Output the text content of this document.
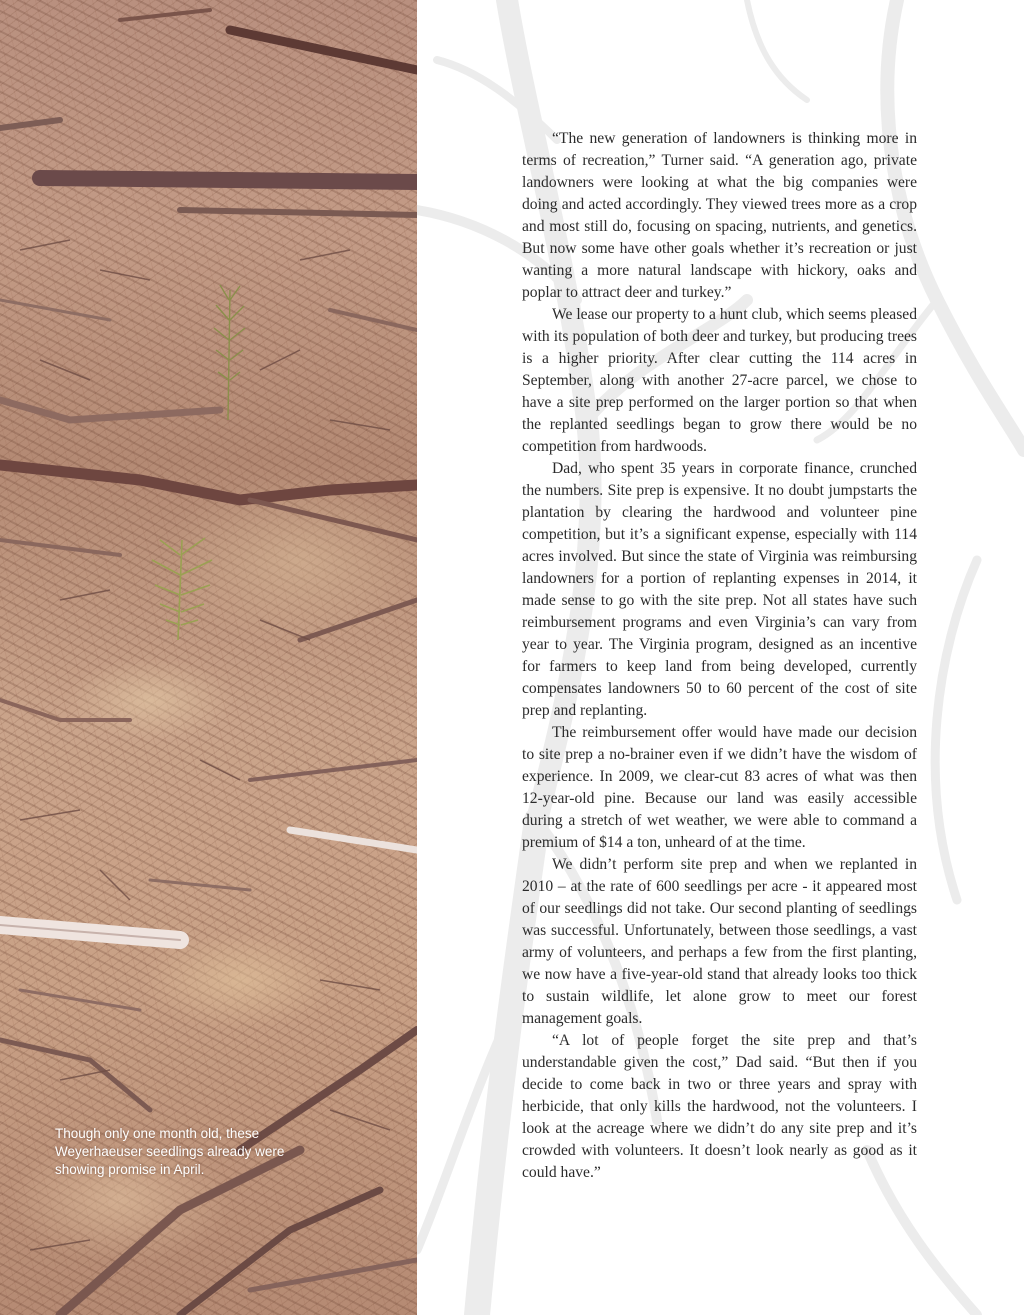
Though only one month old, these

Weyerhaeuser seedlings already were

showing promise in April.

“The new generation of landowners is thinking more in terms of recreation,” Turner said. “A generation ago, private landowners were looking at what the big companies were doing and acted accordingly. They viewed trees more as a crop and most still do, focusing on spacing, nutrients, and genetics. But now some have other goals whether it’s recreation or just wanting a more natural landscape with hickory, oaks and poplar to attract deer and turkey.”

We lease our property to a hunt club, which seems pleased with its population of both deer and turkey, but producing trees is a higher priority. After clear cutting the 114 acres in September, along with another 27-acre parcel, we chose to have a site prep performed on the larger portion so that when the replanted seedlings began to grow there would be no competition from hardwoods.

Dad, who spent 35 years in corporate finance, crunched the numbers. Site prep is expensive. It no doubt jumpstarts the plantation by clearing the hardwood and volunteer pine competition, but it’s a significant expense, especially with 114 acres involved. But since the state of Virginia was reimbursing landowners for a portion of replanting expenses in 2014, it made sense to go with the site prep. Not all states have such reimbursement programs and even Virginia’s can vary from year to year. The Virginia program, designed as an incentive for farmers to keep land from being developed, currently compensates landowners 50 to 60 percent of the cost of site prep and replanting.

The reimbursement offer would have made our decision to site prep a no-brainer even if we didn’t have the wisdom of experience. In 2009, we clear-cut 83 acres of what was then 12-year-old pine. Because our land was easily accessible during a stretch of wet weather, we were able to command a premium of $14 a ton, unheard of at the time.

We didn’t perform site prep and when we replanted in 2010 – at the rate of 600 seedlings per acre - it appeared most of our seedlings did not take. Our second planting of seedlings was successful. Unfortunately, between those seedlings, a vast army of volunteers, and perhaps a few from the first planting, we now have a five-year-old stand that already looks too thick to sustain wildlife, let alone grow to meet our forest management goals.

“A lot of people forget the site prep and that’s understandable given the cost,” Dad said. “But then if you decide to come back in two or three years and spray with herbicide, that only kills the hardwood, not the volunteers. I look at the acreage where we didn’t do any site prep and it’s crowded with volunteers. It doesn’t look nearly as good as it could have.”
